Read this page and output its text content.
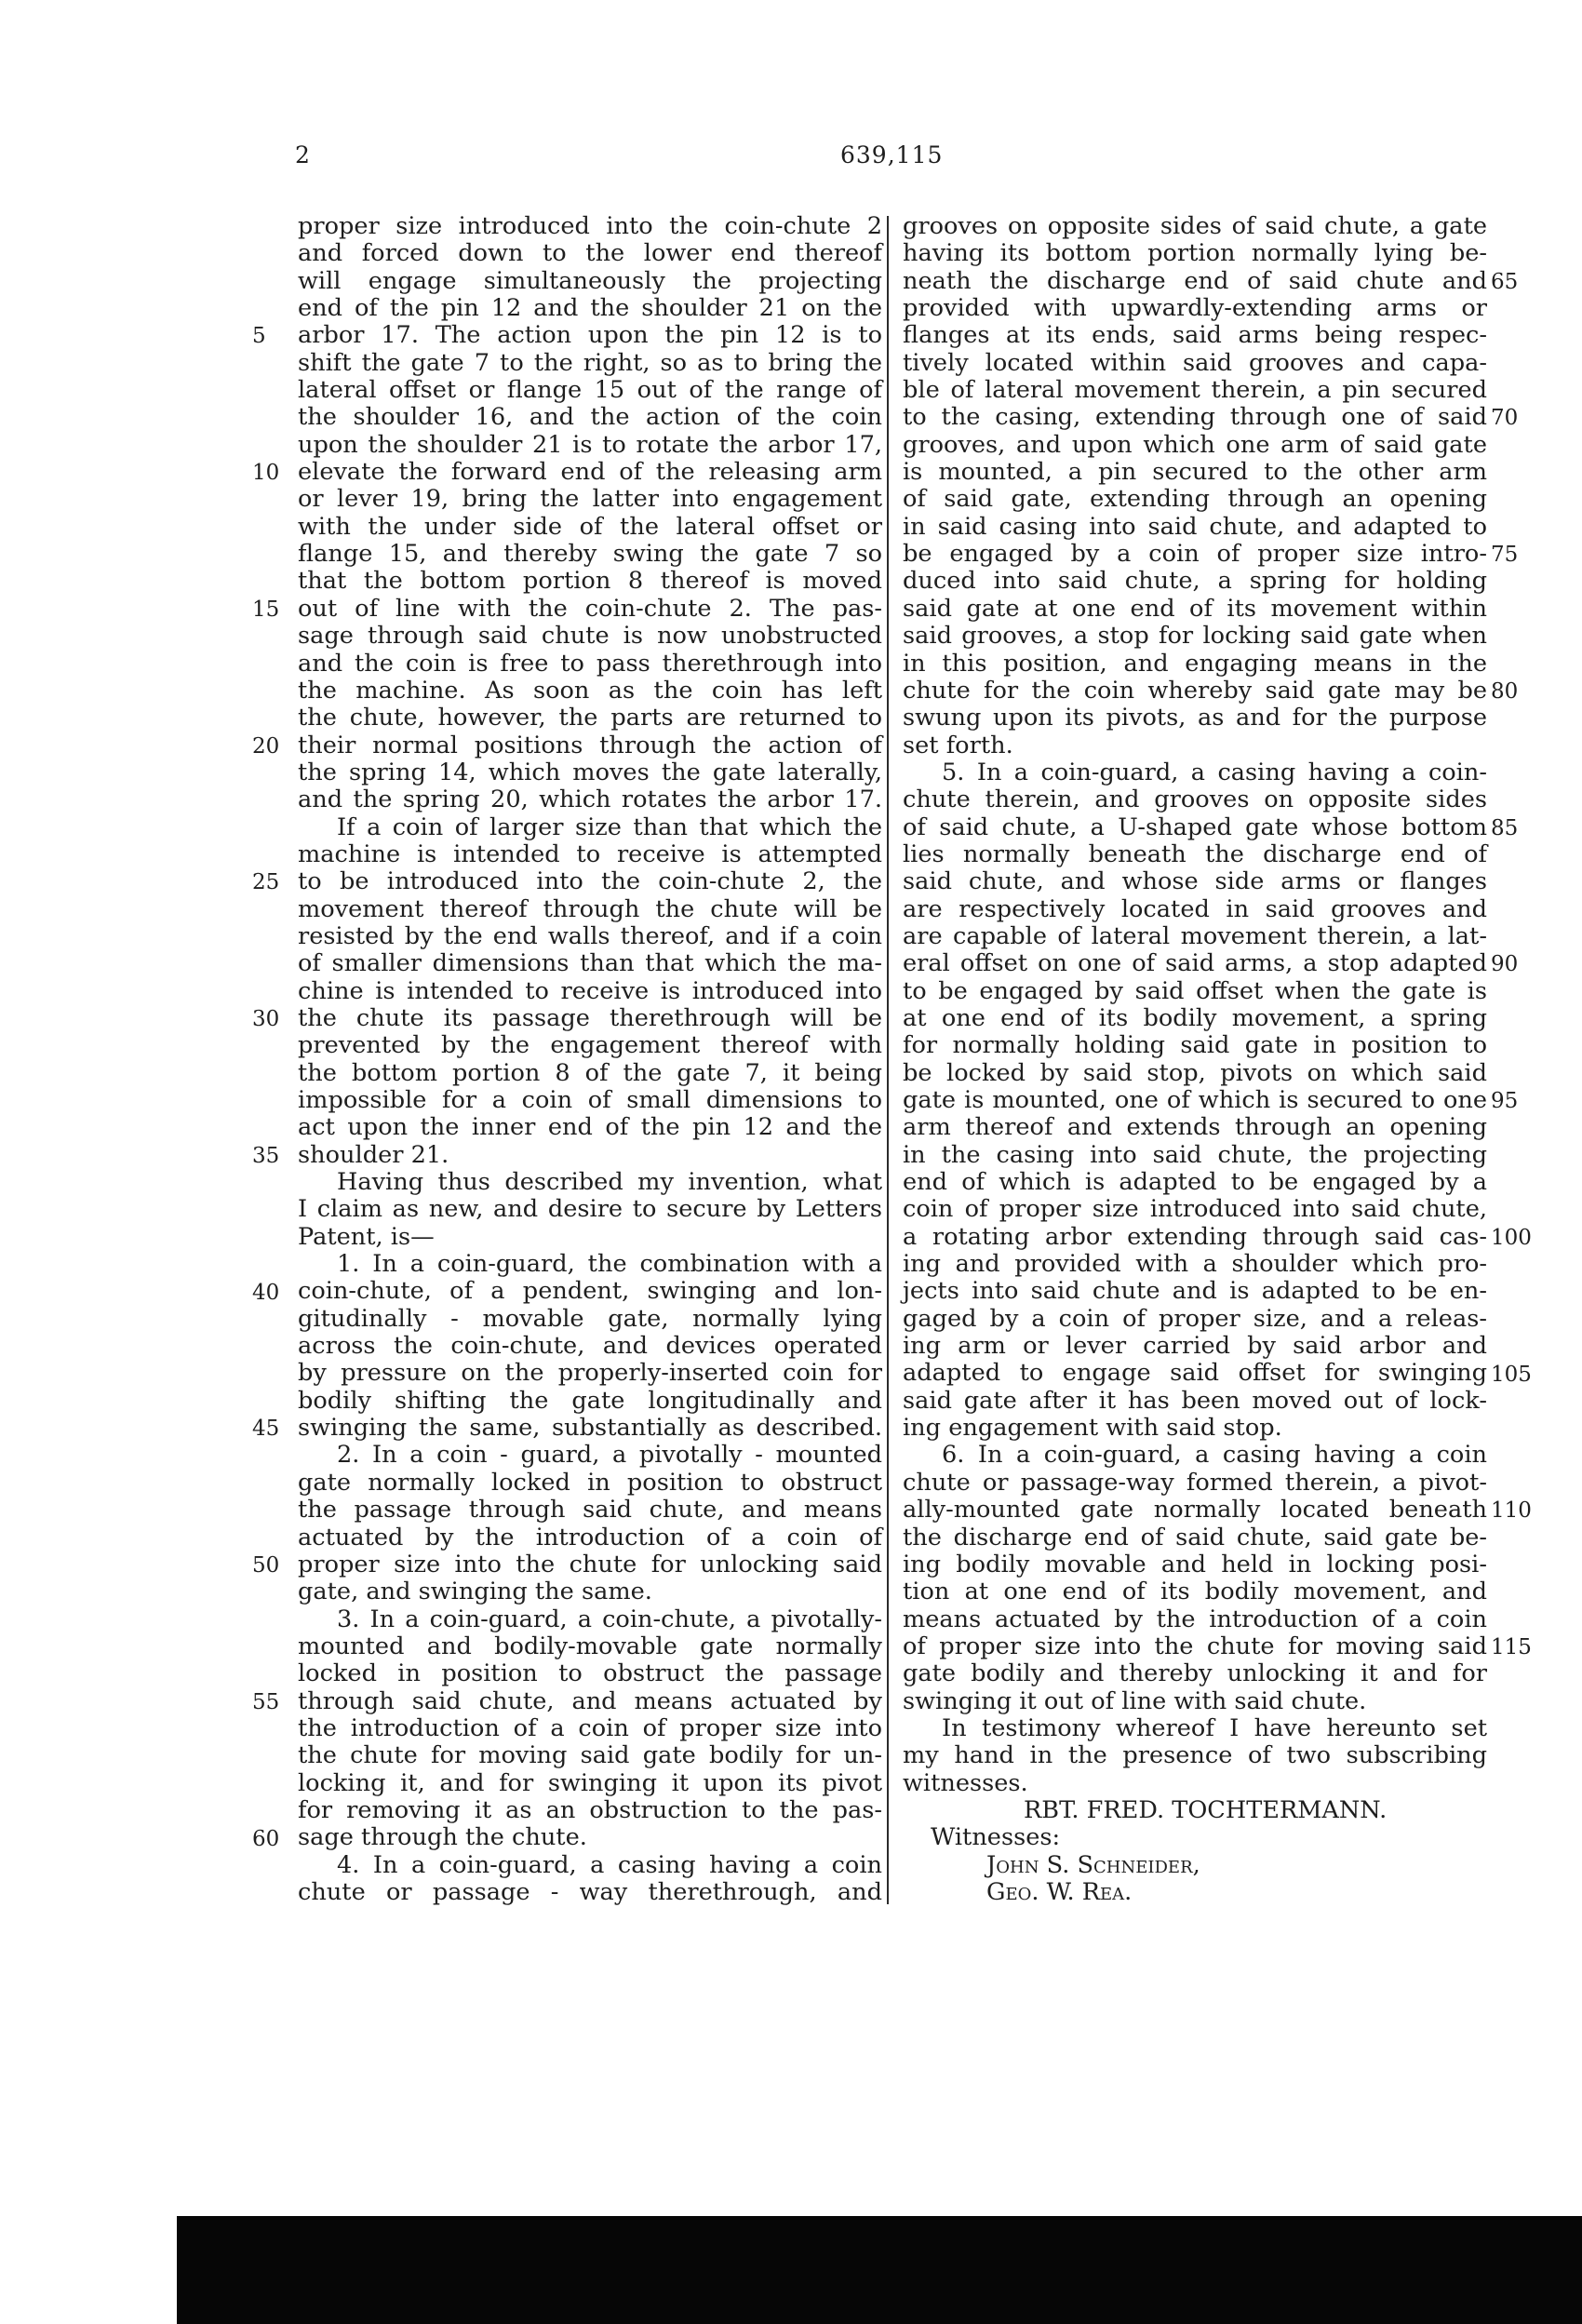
2	639,115
proper size introduced into the coin-chute 2
and forced down to the lower end thereof
will engage simultaneously the projecting
end of the pin 12 and the shoulder 21 on the
arbor 17. The action upon the pin 12 is to
shift the gate 7 to the right, so as to bring the
lateral offset or flange 15 out of the range of
the shoulder 16, and the action of the coin
upon the shoulder 21 is to rotate the arbor 17,
elevate the forward end of the releasing arm
or lever 19, bring the latter into engagement
with the under side of the lateral offset or
flange 15, and thereby swing the gate 7 so
that the bottom portion 8 thereof is moved
out of line with the coin-chute 2. The pas-
sage through said chute is now unobstructed
and the coin is free to pass therethrough into
the machine. As soon as the coin has left
the chute, however, the parts are returned to
their normal positions through the action of
the spring 14, which moves the gate laterally,
and the spring 20, which rotates the arbor 17.
If a coin of larger size than that which the
machine is intended to receive is attempted
to be introduced into the coin-chute 2, the
movement thereof through the chute will be
resisted by the end walls thereof, and if a coin
of smaller dimensions than that which the ma-
chine is intended to receive is introduced into
the chute its passage therethrough will be
prevented by the engagement thereof with
the bottom portion 8 of the gate 7, it being
impossible for a coin of small dimensions to
act upon the inner end of the pin 12 and the
shoulder 21.
Having thus described my invention, what
I claim as new, and desire to secure by Letters
Patent, is—
1. In a coin-guard, the combination with a
coin-chute, of a pendent, swinging and lon-
gitudinally - movable gate, normally lying
across the coin-chute, and devices operated
by pressure on the properly-inserted coin for
bodily shifting the gate longitudinally and
swinging the same, substantially as described.
2. In a coin - guard, a pivotally - mounted
gate normally locked in position to obstruct
the passage through said chute, and means
actuated by the introduction of a coin of
proper size into the chute for unlocking said
gate, and swinging the same.
3. In a coin-guard, a coin-chute, a pivotally-
mounted and bodily-movable gate normally
locked in position to obstruct the passage
through said chute, and means actuated by
the introduction of a coin of proper size into
the chute for moving said gate bodily for un-
locking it, and for swinging it upon its pivot
for removing it as an obstruction to the pas-
sage through the chute.
4. In a coin-guard, a casing having a coin
chute or passage - way therethrough, and
grooves on opposite sides of said chute, a gate
having its bottom portion normally lying be-
neath the discharge end of said chute and
provided with upwardly-extending arms or
flanges at its ends, said arms being respec-
tively located within said grooves and capa-
ble of lateral movement therein, a pin secured
to the casing, extending through one of said
grooves, and upon which one arm of said gate
is mounted, a pin secured to the other arm
of said gate, extending through an opening
in said casing into said chute, and adapted to
be engaged by a coin of proper size intro-
duced into said chute, a spring for holding
said gate at one end of its movement within
said grooves, a stop for locking said gate when
in this position, and engaging means in the
chute for the coin whereby said gate may be
swung upon its pivots, as and for the purpose
set forth.
5. In a coin-guard, a casing having a coin-
chute therein, and grooves on opposite sides
of said chute, a U-shaped gate whose bottom
lies normally beneath the discharge end of
said chute, and whose side arms or flanges
are respectively located in said grooves and
are capable of lateral movement therein, a lat-
eral offset on one of said arms, a stop adapted
to be engaged by said offset when the gate is
at one end of its bodily movement, a spring
for normally holding said gate in position to
be locked by said stop, pivots on which said
gate is mounted, one of which is secured to one
arm thereof and extends through an opening
in the casing into said chute, the projecting
end of which is adapted to be engaged by a
coin of proper size introduced into said chute,
a rotating arbor extending through said cas-
ing and provided with a shoulder which pro-
jects into said chute and is adapted to be en-
gaged by a coin of proper size, and a releas-
ing arm or lever carried by said arbor and
adapted to engage said offset for swinging
said gate after it has been moved out of lock-
ing engagement with said stop.
6. In a coin-guard, a casing having a coin
chute or passage-way formed therein, a pivot-
ally-mounted gate normally located beneath
the discharge end of said chute, said gate be-
ing bodily movable and held in locking posi-
tion at one end of its bodily movement, and
means actuated by the introduction of a coin
of proper size into the chute for moving said
gate bodily and thereby unlocking it and for
swinging it out of line with said chute.
In testimony whereof I have hereunto set
my hand in the presence of two subscribing
witnesses.
RBT. FRED. TOCHTERMANN.
Witnesses:
John S. Schneider,
Geo. W. Rea.
5
10
15
20
25
30
35
40
45
50
55
60
65
70
75
80
85
90
95
100
105
110
115
